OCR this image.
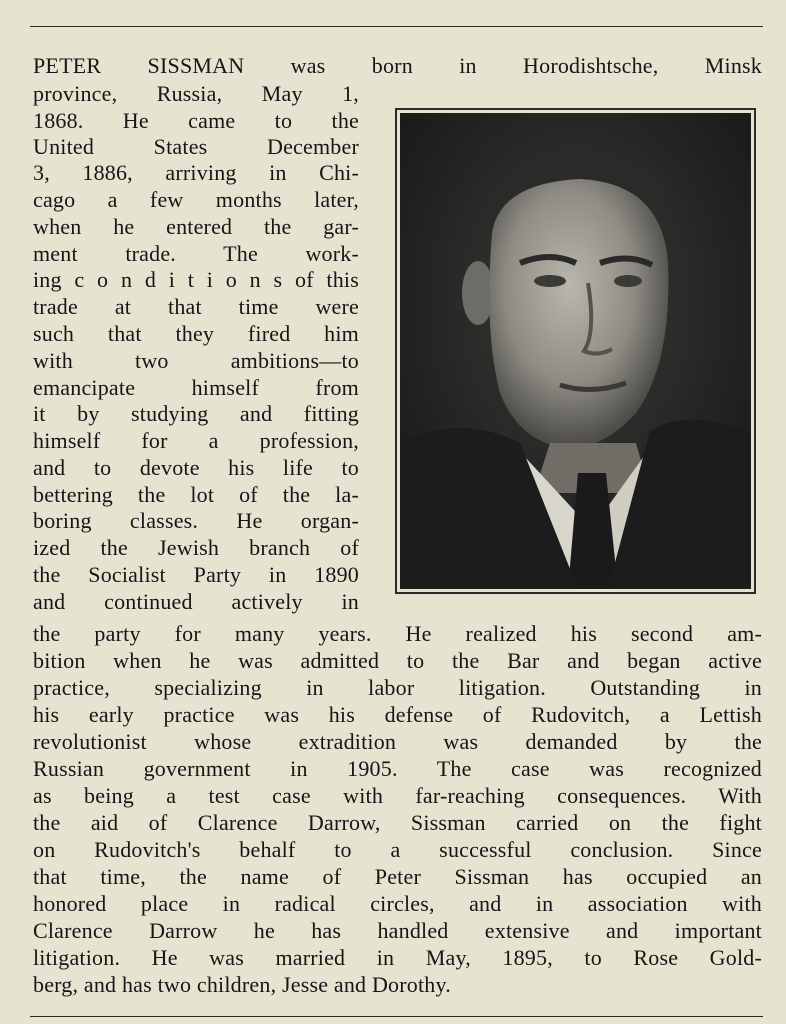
PETER SISSMAN was born in Horodishtsche, Minsk
province, Russia, May 1,
1868. He came to the
United States December
3, 1886, arriving in Chi-
cago a few months later,
when he entered the gar-
ment trade. The work-
ing c o n d i t i o n s of this
trade at that time were
such that they fired him
with two ambitions—to
emancipate himself from
it by studying and fitting
himself for a profession,
and to devote his life to
bettering the lot of the la-
boring classes. He organ-
ized the Jewish branch of
the Socialist Party in 1890
and continued actively in
the party for many years. He realized his second am-
bition when he was admitted to the Bar and began active
practice, specializing in labor litigation. Outstanding in
his early practice was his defense of Rudovitch, a Lettish
revolutionist whose extradition was demanded by the
Russian government in 1905. The case was recognized
as being a test case with far-reaching consequences. With
the aid of Clarence Darrow, Sissman carried on the fight
on Rudovitch's behalf to a successful conclusion. Since
that time, the name of Peter Sissman has occupied an
honored place in radical circles, and in association with
Clarence Darrow he has handled extensive and important
litigation. He was married in May, 1895, to Rose Gold-
berg, and has two children, Jesse and Dorothy.
